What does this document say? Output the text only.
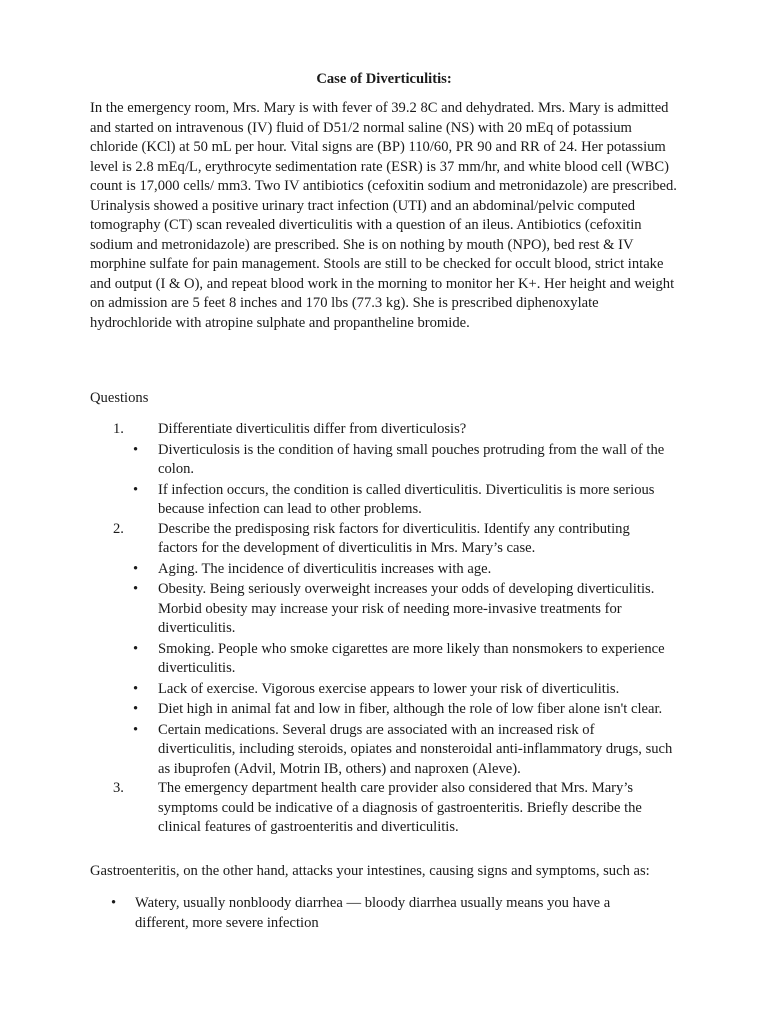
Case of Diverticulitis:

In the emergency room, Mrs. Mary is with fever of 39.2 8C and dehydrated. Mrs. Mary is admitted and started on intravenous (IV) fluid of D51/2 normal saline (NS) with 20 mEq of potassium chloride (KCl) at 50 mL per hour. Vital signs are (BP) 110/60, PR 90 and RR of 24. Her potassium level is 2.8 mEq/L, erythrocyte sedimentation rate (ESR) is 37 mm/hr, and white blood cell (WBC) count is 17,000 cells/ mm3. Two IV antibiotics (cefoxitin sodium and metronidazole) are prescribed. Urinalysis showed a positive urinary tract infection (UTI) and an abdominal/pelvic computed tomography (CT) scan revealed diverticulitis with a question of an ileus. Antibiotics (cefoxitin sodium and metronidazole) are prescribed. She is on nothing by mouth (NPO), bed rest & IV morphine sulfate for pain management. Stools are still to be checked for occult blood, strict intake and output (I & O), and repeat blood work in the morning to monitor her K+. Her height and weight on admission are 5 feet 8 inches and 170 lbs (77.3 kg). She is prescribed diphenoxylate hydrochloride with atropine sulphate and propantheline bromide.

Questions
1. Differentiate diverticulitis differ from diverticulosis?
• Diverticulosis is the condition of having small pouches protruding from the wall of the colon.
• If infection occurs, the condition is called diverticulitis. Diverticulitis is more serious because infection can lead to other problems.
2. Describe the predisposing risk factors for diverticulitis. Identify any contributing factors for the development of diverticulitis in Mrs. Mary’s case.
• Aging. The incidence of diverticulitis increases with age.
• Obesity. Being seriously overweight increases your odds of developing diverticulitis. Morbid obesity may increase your risk of needing more-invasive treatments for diverticulitis.
• Smoking. People who smoke cigarettes are more likely than nonsmokers to experience diverticulitis.
• Lack of exercise. Vigorous exercise appears to lower your risk of diverticulitis.
• Diet high in animal fat and low in fiber, although the role of low fiber alone isn't clear.
• Certain medications. Several drugs are associated with an increased risk of diverticulitis, including steroids, opiates and nonsteroidal anti-inflammatory drugs, such as ibuprofen (Advil, Motrin IB, others) and naproxen (Aleve).
3. The emergency department health care provider also considered that Mrs. Mary’s symptoms could be indicative of a diagnosis of gastroenteritis. Briefly describe the clinical features of gastroenteritis and diverticulitis.
Gastroenteritis, on the other hand, attacks your intestines, causing signs and symptoms, such as:
• Watery, usually nonbloody diarrhea — bloody diarrhea usually means you have a different, more severe infection
